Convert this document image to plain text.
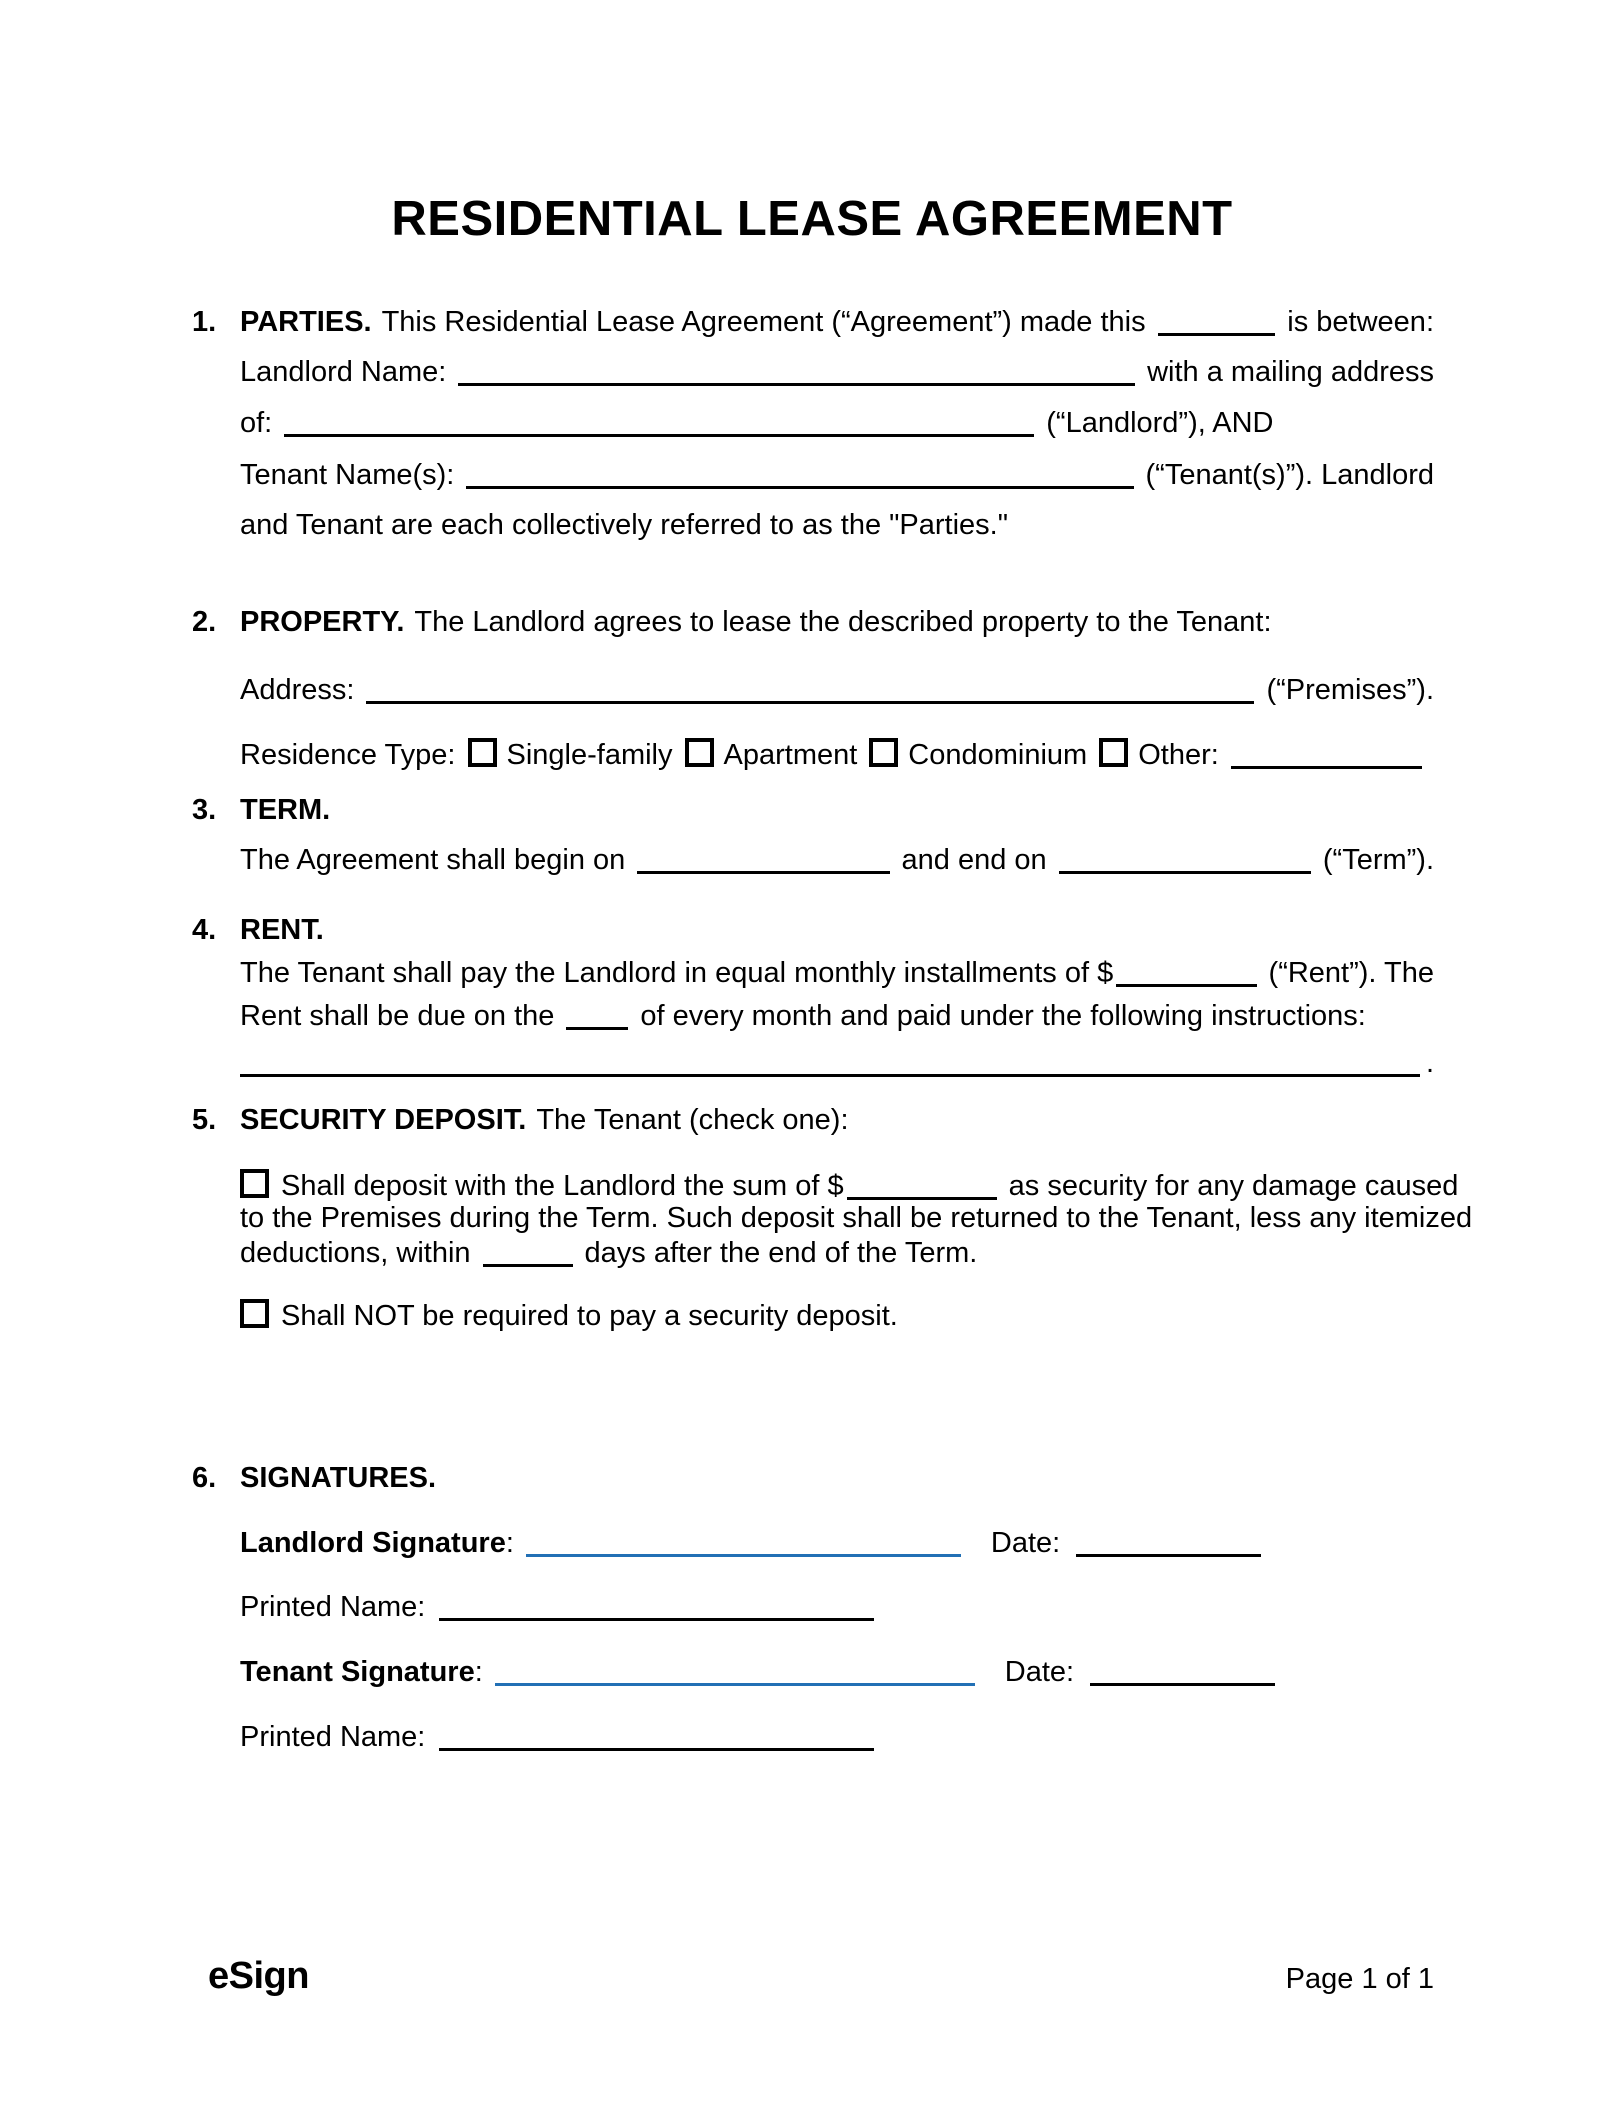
RESIDENTIAL LEASE AGREEMENT
1. PARTIES. This Residential Lease Agreement (“Agreement”) made this	is between:
Landlord Name:	with a mailing address
of:	(“Landlord”), AND
Tenant Name(s):	(“Tenant(s)”). Landlord
and Tenant are each collectively referred to as the "Parties."
2. PROPERTY. The Landlord agrees to lease the described property to the Tenant:
Address:	(“Premises”).
Residence Type: Single-family Apartment Condominium Other:
3. TERM.
The Agreement shall begin on	and end on	(“Term”).
4. RENT.
The Tenant shall pay the Landlord in equal monthly installments of $	(“Rent”). The
Rent shall be due on the	of every month and paid under the following instructions:
.
5. SECURITY DEPOSIT. The Tenant (check one):
Shall deposit with the Landlord the sum of $	as security for any damage caused
to the Premises during the Term. Such deposit shall be returned to the Tenant, less any itemized
deductions, within	days after the end of the Term.
Shall NOT be required to pay a security deposit.
6. SIGNATURES.
Landlord Signature :	Date:
Printed Name:
Tenant Signature :	Date:
Printed Name:
eSign	Page 1 of 1
